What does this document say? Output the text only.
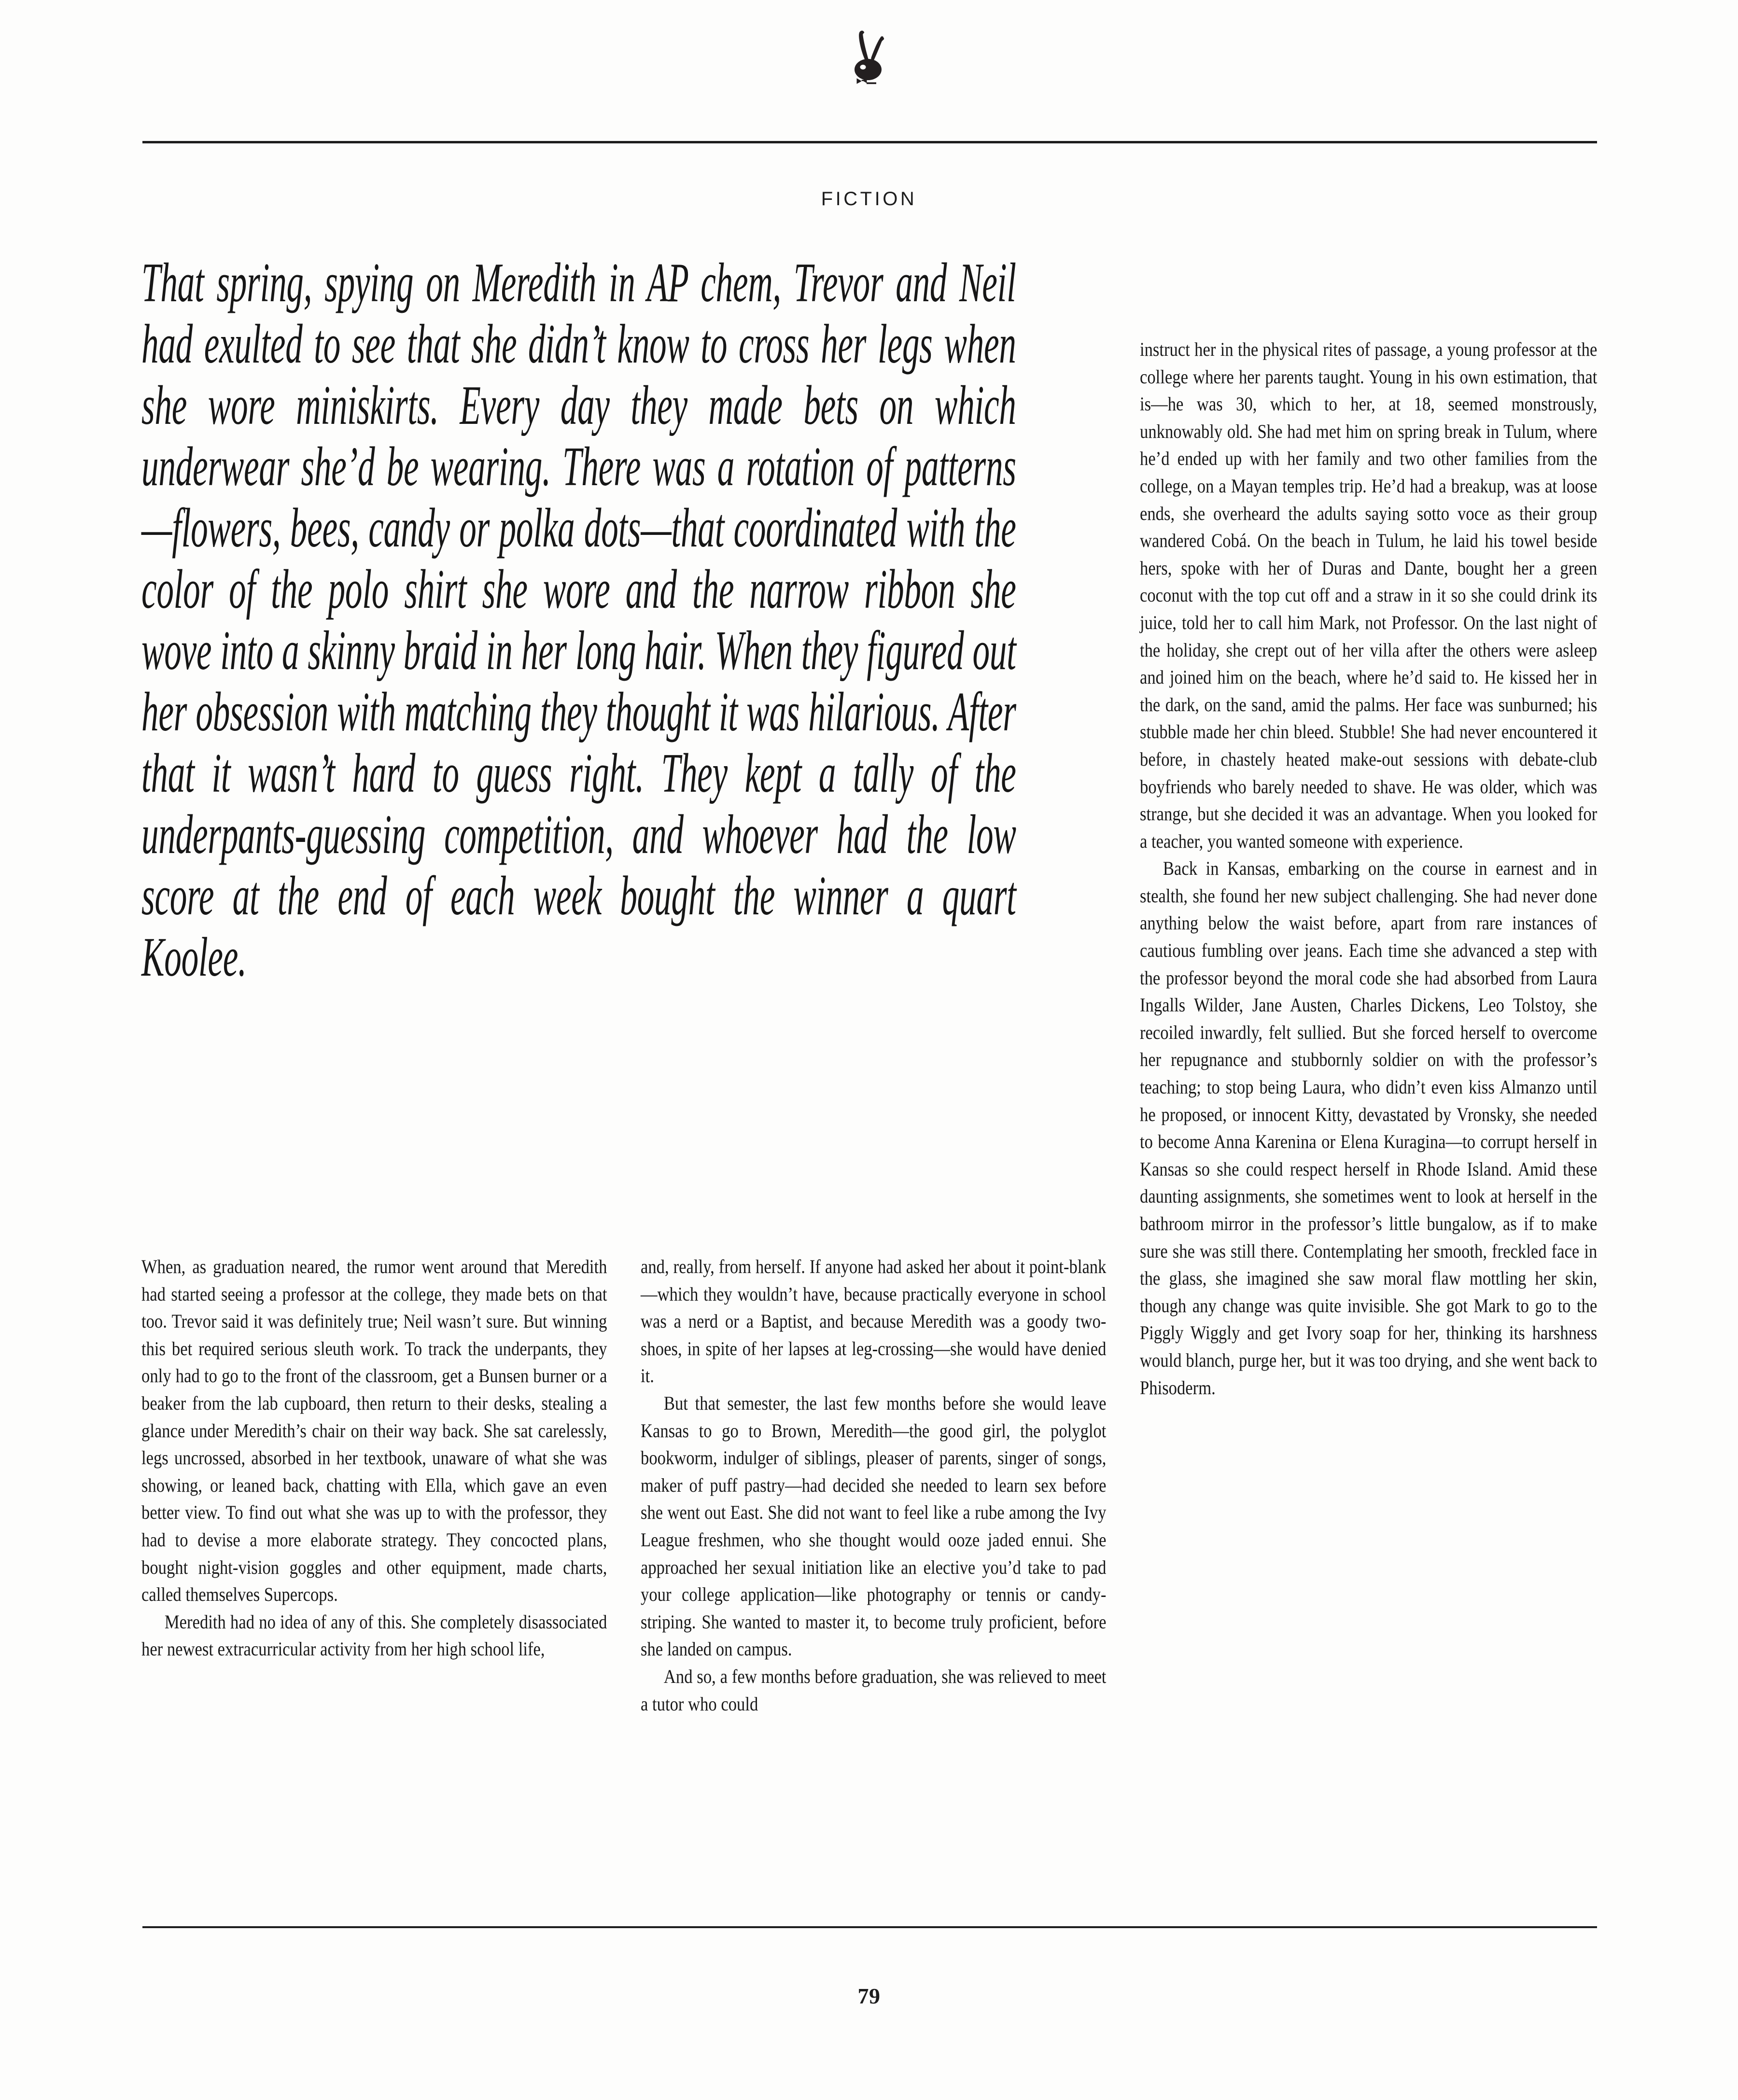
FICTION
That spring, spying on Meredith in AP chem, Trevor and Neil had exulted to see that she didn’t know to cross her legs when she wore miniskirts. Every day they made bets on which underwear she’d be wearing. There was a rotation of patterns—flowers, bees, candy or polka dots—that coordinated with the color of the polo shirt she wore and the narrow ribbon she wove into a skinny braid in her long hair. When they figured out her obsession with matching they thought it was hilarious. After that it wasn’t hard to guess right. They kept a tally of the underpants-guessing competition, and whoever had the low score at the end of each week bought the winner a quart Koolee.

When, as graduation neared, the rumor went around that Meredith had started seeing a professor at the college, they made bets on that too. Trevor said it was definitely true; Neil wasn’t sure. But winning this bet required serious sleuth work. To track the underpants, they only had to go to the front of the classroom, get a Bunsen burner or a beaker from the lab cupboard, then return to their desks, stealing a glance under Meredith’s chair on their way back. She sat carelessly, legs uncrossed, absorbed in her textbook, unaware of what she was showing, or leaned back, chatting with Ella, which gave an even better view. To find out what she was up to with the professor, they had to devise a more elaborate strategy. They concocted plans, bought night-vision goggles and other equipment, made charts, called themselves Supercops.

Meredith had no idea of any of this. She completely disassociated her newest extracurricular activity from her high school life,

and, really, from herself. If anyone had asked her about it point-blank—which they wouldn’t have, because practically everyone in school was a nerd or a Baptist, and because Meredith was a goody two-shoes, in spite of her lapses at leg-crossing—she would have denied it.

But that semester, the last few months before she would leave Kansas to go to Brown, Meredith—the good girl, the polyglot bookworm, indulger of siblings, pleaser of parents, singer of songs, maker of puff pastry—had decided she needed to learn sex before she went out East. She did not want to feel like a rube among the Ivy League freshmen, who she thought would ooze jaded ennui. She approached her sexual initiation like an elective you’d take to pad your college application—like photography or tennis or candy-striping. She wanted to master it, to become truly proficient, before she landed on campus.

And so, a few months before graduation, she was relieved to meet a tutor who could

instruct her in the physical rites of passage, a young professor at the college where her parents taught. Young in his own estimation, that is—he was 30, which to her, at 18, seemed monstrously, unknowably old. She had met him on spring break in Tulum, where he’d ended up with her family and two other families from the college, on a Mayan temples trip. He’d had a breakup, was at loose ends, she overheard the adults saying sotto voce as their group wandered Cobá. On the beach in Tulum, he laid his towel beside hers, spoke with her of Duras and Dante, bought her a green coconut with the top cut off and a straw in it so she could drink its juice, told her to call him Mark, not Professor. On the last night of the holiday, she crept out of her villa after the others were asleep and joined him on the beach, where he’d said to. He kissed her in the dark, on the sand, amid the palms. Her face was sunburned; his stubble made her chin bleed. Stubble! She had never encountered it before, in chastely heated make-out sessions with debate-club boyfriends who barely needed to shave. He was older, which was strange, but she decided it was an advantage. When you looked for a teacher, you wanted someone with experience.

Back in Kansas, embarking on the course in earnest and in stealth, she found her new subject challenging. She had never done anything below the waist before, apart from rare instances of cautious fumbling over jeans. Each time she advanced a step with the professor beyond the moral code she had absorbed from Laura Ingalls Wilder, Jane Austen, Charles Dickens, Leo Tolstoy, she recoiled inwardly, felt sullied. But she forced herself to overcome her repugnance and stubbornly soldier on with the professor’s teaching; to stop being Laura, who didn’t even kiss Almanzo until he proposed, or innocent Kitty, devastated by Vronsky, she needed to become Anna Karenina or Elena Kuragina—to corrupt herself in Kansas so she could respect herself in Rhode Island. Amid these daunting assignments, she sometimes went to look at herself in the bathroom mirror in the professor’s little bungalow, as if to make sure she was still there. Contemplating her smooth, freckled face in the glass, she imagined she saw moral flaw mottling her skin, though any change was quite invisible. She got Mark to go to the Piggly Wiggly and get Ivory soap for her, thinking its harshness would blanch, purge her, but it was too drying, and she went back to Phisoderm.

79
